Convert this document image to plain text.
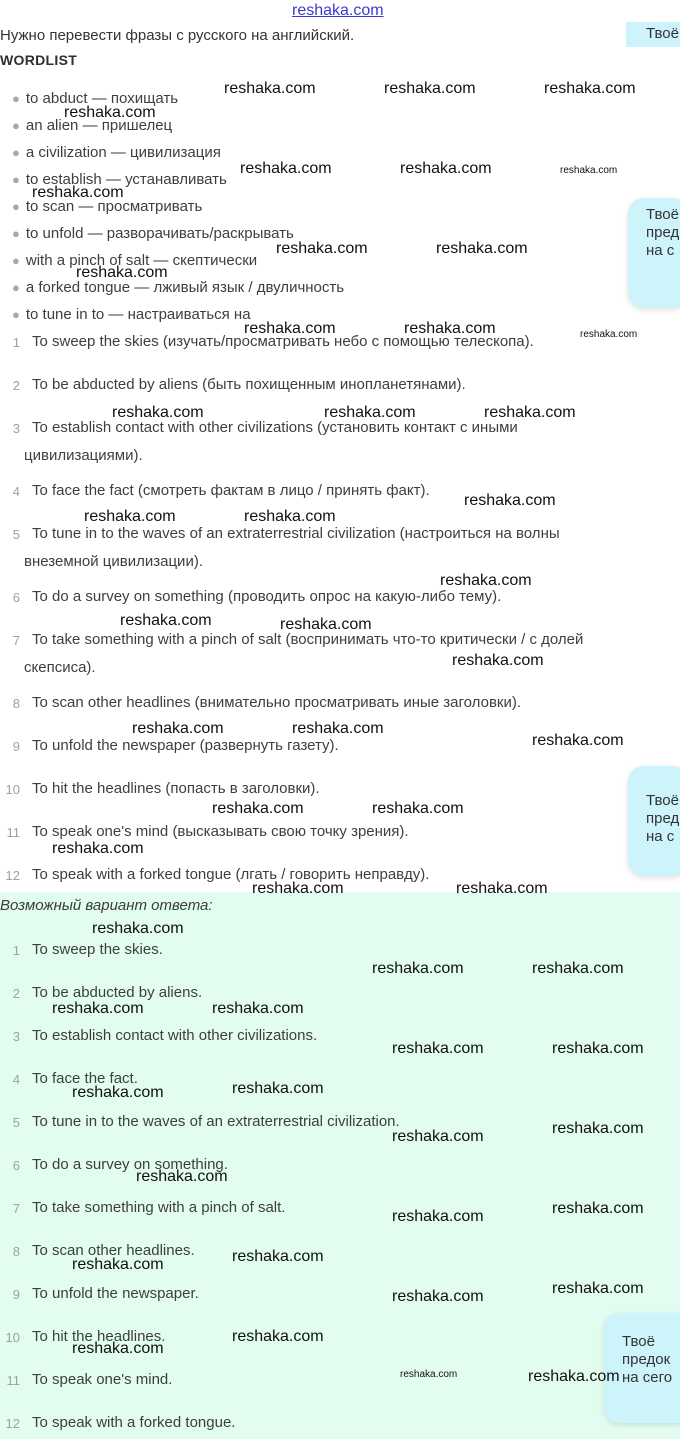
reshaka.com
Нужно перевести фразы с русского на английский.	Твоё
WORDLIST
● to abduct — похищать
● an alien — пришелец
● a civilization — цивилизация
● to establish — устанавливать
● to scan — просматривать
● to unfold — разворачивать/раскрывать
● with a pinch of salt — скептически
● a forked tongue — лживый язык / двуличность
● to tune in to — настраиваться на
1 To sweep the skies (изучать/просматривать небо с помощью телескопа).
2 To be abducted by aliens (быть похищенным инопланетянами).
3 To establish contact with other civilizations (установить контакт с иными
цивилизациями).
4 To face the fact (смотреть фактам в лицо / принять факт).
5 To tune in to the waves of an extraterrestrial civilization (настроиться на волны
внеземной цивилизации).
6 To do a survey on something (проводить опрос на какую-либо тему).
7 To take something with a pinch of salt (воспринимать что-то критически / с долей
скепсиса).
8 To scan other headlines (внимательно просматривать иные заголовки).
9 To unfold the newspaper (развернуть газету).
10 To hit the headlines (попасть в заголовки).
11 To speak one's mind (высказывать свою точку зрения).
12 To speak with a forked tongue (лгать / говорить неправду).
Возможный вариант ответа:
1 To sweep the skies.
2 To be abducted by aliens.
3 To establish contact with other civilizations.
4 To face the fact.
5 To tune in to the waves of an extraterrestrial civilization.
6 To do a survey on something.
7 To take something with a pinch of salt.
8 To scan other headlines.
9 To unfold the newspaper.
10 To hit the headlines.
11 To speak one's mind.
12 To speak with a forked tongue.
Твоё
пред
на с
Твоё
пред
на с
Твоё
предок
на сего
reshaka.com	reshaka.com	reshaka.com
reshaka.com
reshaka.com	reshaka.com	reshaka.com
reshaka.com
reshaka.com	reshaka.com
reshaka.com
reshaka.com	reshaka.com	reshaka.com
reshaka.com	reshaka.com	reshaka.com
reshaka.com
reshaka.com	reshaka.com
reshaka.com
reshaka.com	reshaka.com
reshaka.com
reshaka.com	reshaka.com
reshaka.com
reshaka.com	reshaka.com
reshaka.com
reshaka.com	reshaka.com
reshaka.com
reshaka.com	reshaka.com
reshaka.com	reshaka.com
reshaka.com	reshaka.com
reshaka.com
reshaka.com
reshaka.com
reshaka.com
reshaka.com
reshaka.com
reshaka.com
reshaka.com
reshaka.com
reshaka.com
reshaka.com
reshaka.com
reshaka.com
reshaka.com	reshaka.com
